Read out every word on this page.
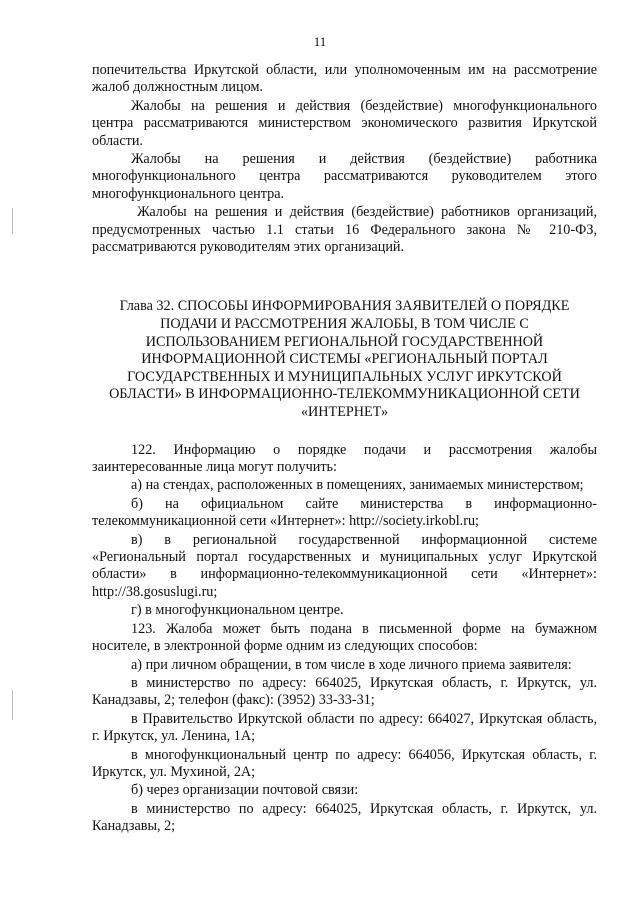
11

попечительства Иркутской области, или уполномоченным им на рассмотрение жалоб должностным лицом.

Жалобы на решения и действия (бездействие) многофункционального центра рассматриваются министерством экономического развития Иркутской области.

Жалобы на решения и действия (бездействие) работника многофункционального центра рассматриваются руководителем этого многофункционального центра.

Жалобы на решения и действия (бездействие) работников организаций, предусмотренных частью 1.1 статьи 16 Федерального закона № 210-ФЗ, рассматриваются руководителям этих организаций.

Глава 32. СПОСОБЫ ИНФОРМИРОВАНИЯ ЗАЯВИТЕЛЕЙ О ПОРЯДКЕ ПОДАЧИ И РАССМОТРЕНИЯ ЖАЛОБЫ, В ТОМ ЧИСЛЕ С ИСПОЛЬЗОВАНИЕМ РЕГИОНАЛЬНОЙ ГОСУДАРСТВЕННОЙ ИНФОРМАЦИОННОЙ СИСТЕМЫ «РЕГИОНАЛЬНЫЙ ПОРТАЛ ГОСУДАРСТВЕННЫХ И МУНИЦИПАЛЬНЫХ УСЛУГ ИРКУТСКОЙ ОБЛАСТИ» В ИНФОРМАЦИОННО-ТЕЛЕКОММУНИКАЦИОННОЙ СЕТИ «ИНТЕРНЕТ»

122. Информацию о порядке подачи и рассмотрения жалобы заинтересованные лица могут получить:

а) на стендах, расположенных в помещениях, занимаемых министерством;

б) на официальном сайте министерства в информационно-телекоммуникационной сети «Интернет»: http://society.irkobl.ru;

в) в региональной государственной информационной системе «Региональный портал государственных и муниципальных услуг Иркутской области» в информационно-телекоммуникационной сети «Интернет»: http://38.gosuslugi.ru;

г) в многофункциональном центре.

123. Жалоба может быть подана в письменной форме на бумажном носителе, в электронной форме одним из следующих способов:

а) при личном обращении, в том числе в ходе личного приема заявителя:

в министерство по адресу: 664025, Иркутская область, г. Иркутск, ул. Канадзавы, 2; телефон (факс): (3952) 33-33-31;

в Правительство Иркутской области по адресу: 664027, Иркутская область, г. Иркутск, ул. Ленина, 1А;

в многофункциональный центр по адресу: 664056, Иркутская область, г. Иркутск, ул. Мухиной, 2А;

б) через организации почтовой связи:

в министерство по адресу: 664025, Иркутская область, г. Иркутск, ул. Канадзавы, 2;
